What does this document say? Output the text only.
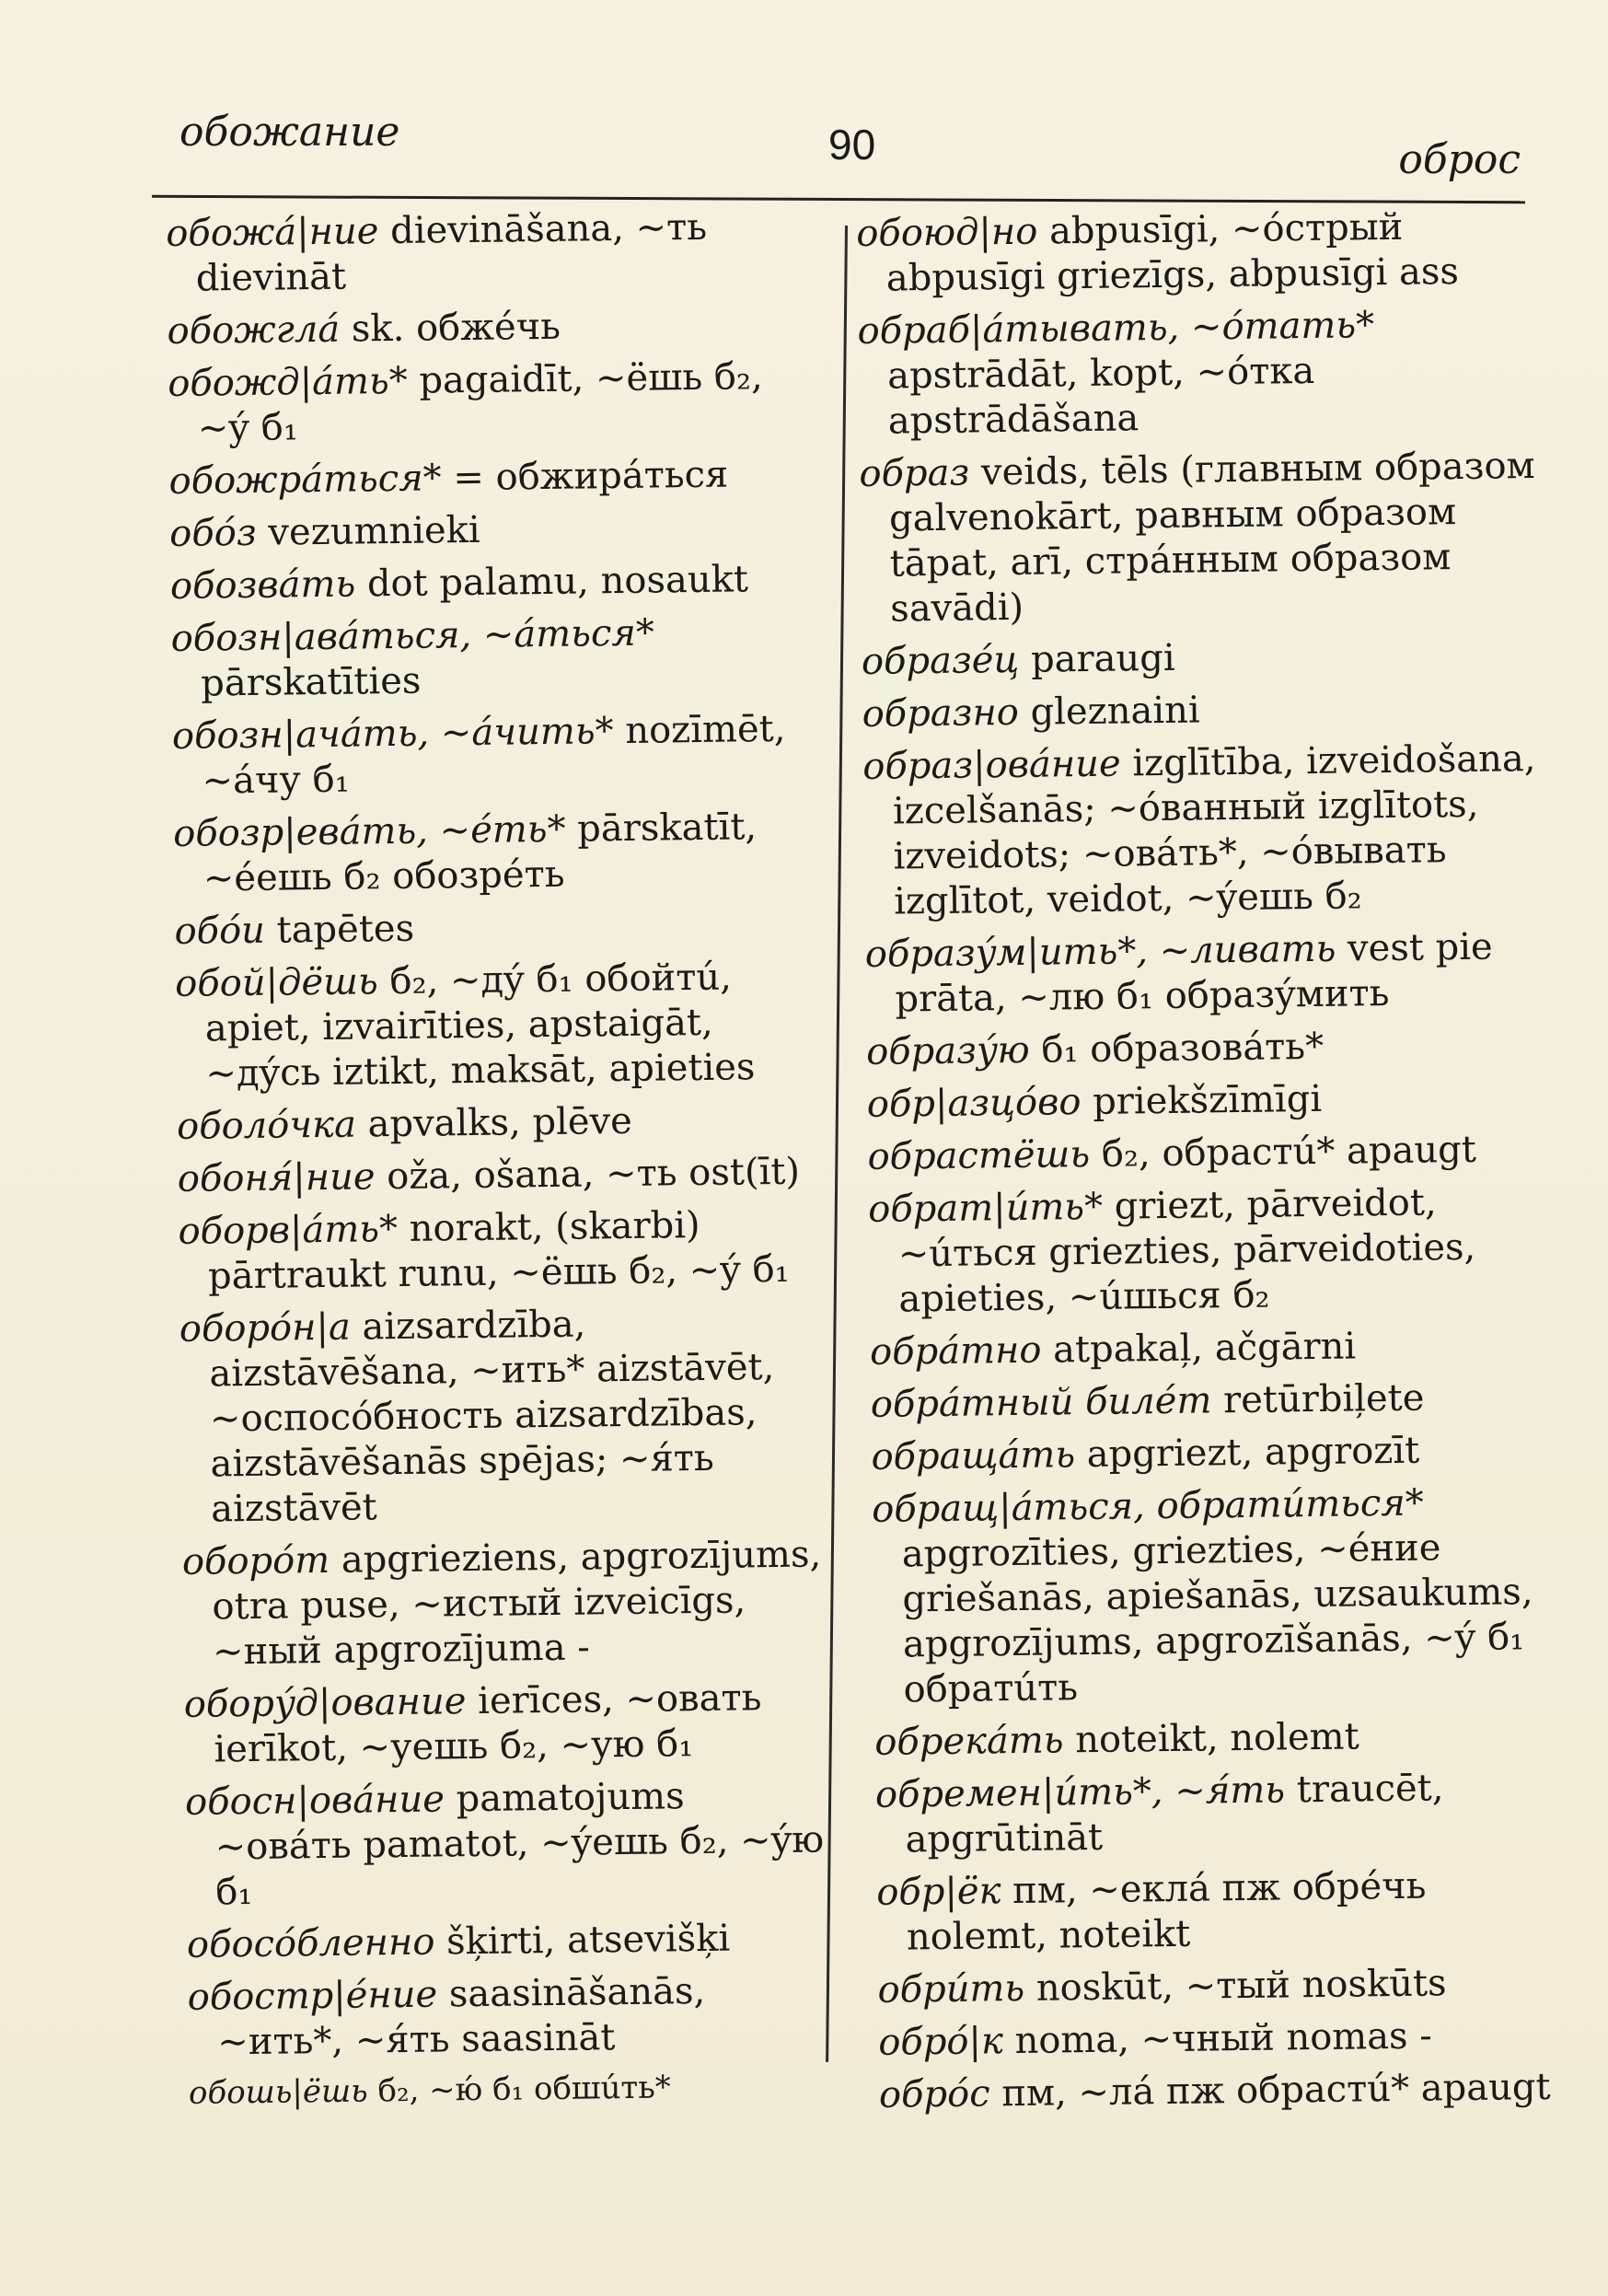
обожание	90	оброс
обожá|ние dievināšana, ~ть dievināt
обожглá sk. обжéчь
обожд|áть* pagaidīt, ~ёшь б₂, ~ý б₁
обожрáться* = обжирáться
обóз vezumnieki
обозвáть dot palamu, nosaukt
обозн|авáться, ~áться* pārskatīties
обозн|ачáть, ~áчить* nozīmēt, ~áчу б₁
обозр|евáть, ~éть* pārskatīt, ~éешь б₂ обозрéть
обóи tapētes
обой|дёшь б₂, ~дý б₁ обойтú, apiet, izvairīties, apstaigāt, ~дýсь iztikt, maksāt, apieties
оболóчка apvalks, plēve
обоня́|ние oža, ošana, ~ть ost(īt)
оборв|áть* norakt, (skarbi) pārtraukt runu, ~ёшь б₂, ~ý б₁
оборóн|а aizsardzība, aizstāvēšana, ~ить* aizstāvēt, ~ocпocóбнocть aizsardzības, aizstāvēšanās spējas; ~я́ть aizstāvēt
оборóт apgrieziens, apgrozījums, otra puse, ~истый izveicīgs, ~ный apgrozījuma -
оборýд|ование ierīces, ~овать ierīkot, ~уешь б₂, ~ую б₁
обосн|овáние pamatojums ~овáть pamatot, ~ýешь б₂, ~ýю б₁
обосóбленно šķirti, atsevišķi
обостр|éние saasināšanās, ~ить*, ~я́ть saasināt
обошь|ёшь б₂, ~ю́ б₁ обшúть*
обоюд|но abpusīgi, ~óстрый abpusīgi griezīgs, abpusīgi ass
обраб|áтывать, ~óтать* apstrādāt, kopt, ~óтка apstrādāšana
образ veids, tēls (главным образом galvenokārt, равным образом tāpat, arī, стрáнным образом savādi)
образéц paraugi
образно gleznaini
образ|овáние izglītība, izveidošana, izcelšanās; ~óванный izglītots, izveidots; ~овáть*, ~óвывать izglītot, veidot, ~ýешь б₂
образýм|ить*, ~ливать vest pie prāta, ~лю б₁ образýмить
образýю б₁ образовáть*
обр|азцóво priekšzīmīgi
обрастёшь б₂, обрастú* apaugt
обрат|úть* griezt, pārveidot, ~úться griezties, pārveidoties, apieties, ~úшься б₂
обрáтно atpakaļ, ačgārni
обрáтный билéт retūrbiļete
обращáть apgriezt, apgrozīt
обращ|áться, обратúться* apgrozīties, griezties, ~éние griešanās, apiešanās, uzsaukums, apgrozījums, apgrozīšanās, ~ý б₁ обратúть
обрекáть noteikt, nolemt
обремен|úть*, ~я́ть traucēt, apgrūtināt
обр|ёк пм, ~еклá пж обрéчь nolemt, noteikt
обрúть noskūt, ~тый noskūts
обрó|к noma, ~чный nomas -
обрóс пм, ~лá пж обрастú* apaugt
